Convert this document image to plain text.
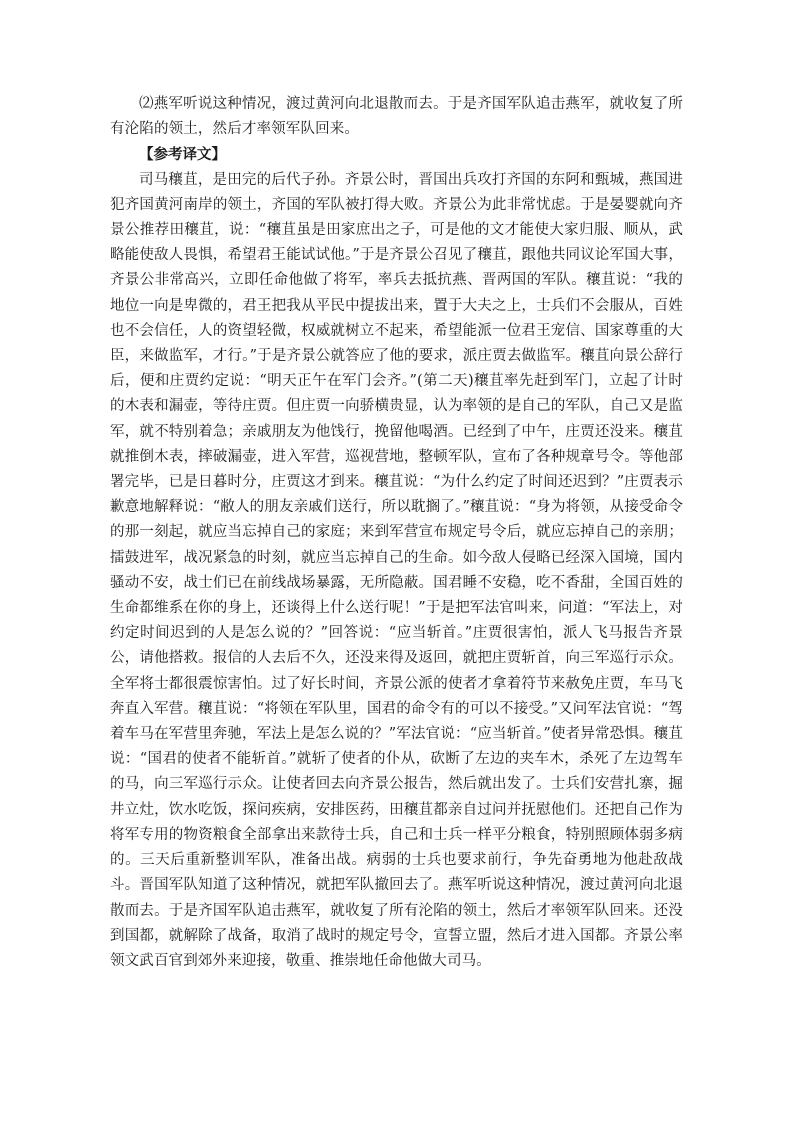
⑵燕军听说这种情况，渡过黄河向北退散而去。于是齐国军队追击燕军，就收复了所有沦陷的领土，然后才率领军队回来。

【参考译文】

司马穰苴，是田完的后代子孙。齐景公时，晋国出兵攻打齐国的东阿和甄城，燕国进犯齐国黄河南岸的领土，齐国的军队被打得大败。齐景公为此非常忧虑。于是晏婴就向齐景公推荐田穰苴，说：“穰苴虽是田家庶出之子，可是他的文才能使大家归服、顺从，武略能使敌人畏惧，希望君王能试试他。”于是齐景公召见了穰苴，跟他共同议论军国大事，齐景公非常高兴，立即任命他做了将军，率兵去抵抗燕、晋两国的军队。穰苴说：“我的地位一向是卑微的，君王把我从平民中提拔出来，置于大夫之上，士兵们不会服从，百姓也不会信任，人的资望轻微，权威就树立不起来，希望能派一位君王宠信、国家尊重的大臣，来做监军，才行。”于是齐景公就答应了他的要求，派庄贾去做监军。穰苴向景公辞行后，便和庄贾约定说：“明天正午在军门会齐。”(第二天)穰苴率先赶到军门，立起了计时的木表和漏壶，等待庄贾。但庄贾一向骄横贵显，认为率领的是自己的军队，自己又是监军，就不特别着急；亲戚朋友为他饯行，挽留他喝酒。已经到了中午，庄贾还没来。穰苴就推倒木表，摔破漏壶，进入军营，巡视营地，整顿军队，宣布了各种规章号令。等他部署完毕，已是日暮时分，庄贾这才到来。穰苴说：“为什么约定了时间还迟到？”庄贾表示歉意地解释说：“敝人的朋友亲戚们送行，所以耽搁了。”穰苴说：“身为将领，从接受命令的那一刻起，就应当忘掉自己的家庭；来到军营宣布规定号令后，就应忘掉自己的亲朋；擂鼓进军，战况紧急的时刻，就应当忘掉自己的生命。如今敌人侵略已经深入国境，国内骚动不安，战士们已在前线战场暴露，无所隐蔽。国君睡不安稳，吃不香甜，全国百姓的生命都维系在你的身上，还谈得上什么送行呢！”于是把军法官叫来，问道：“军法上，对约定时间迟到的人是怎么说的？”回答说：“应当斩首。”庄贾很害怕，派人飞马报告齐景公，请他搭救。报信的人去后不久，还没来得及返回，就把庄贾斩首，向三军巡行示众。全军将士都很震惊害怕。过了好长时间，齐景公派的使者才拿着符节来赦免庄贾，车马飞奔直入军营。穰苴说：“将领在军队里，国君的命令有的可以不接受。”又问军法官说：“驾着车马在军营里奔驰，军法上是怎么说的？”军法官说：“应当斩首。”使者异常恐惧。穰苴说：“国君的使者不能斩首。”就斩了使者的仆从，砍断了左边的夹车木，杀死了左边驾车的马，向三军巡行示众。让使者回去向齐景公报告，然后就出发了。士兵们安营扎寨，掘井立灶，饮水吃饭，探问疾病，安排医药，田穰苴都亲自过问并抚慰他们。还把自己作为将军专用的物资粮食全部拿出来款待士兵，自己和士兵一样平分粮食，特别照顾体弱多病的。三天后重新整训军队，准备出战。病弱的士兵也要求前行，争先奋勇地为他赴敌战斗。晋国军队知道了这种情况，就把军队撤回去了。燕军听说这种情况，渡过黄河向北退散而去。于是齐国军队追击燕军，就收复了所有沦陷的领土，然后才率领军队回来。还没到国都，就解除了战备，取消了战时的规定号令，宣誓立盟，然后才进入国都。齐景公率领文武百官到郊外来迎接，敬重、推崇地任命他做大司马。
